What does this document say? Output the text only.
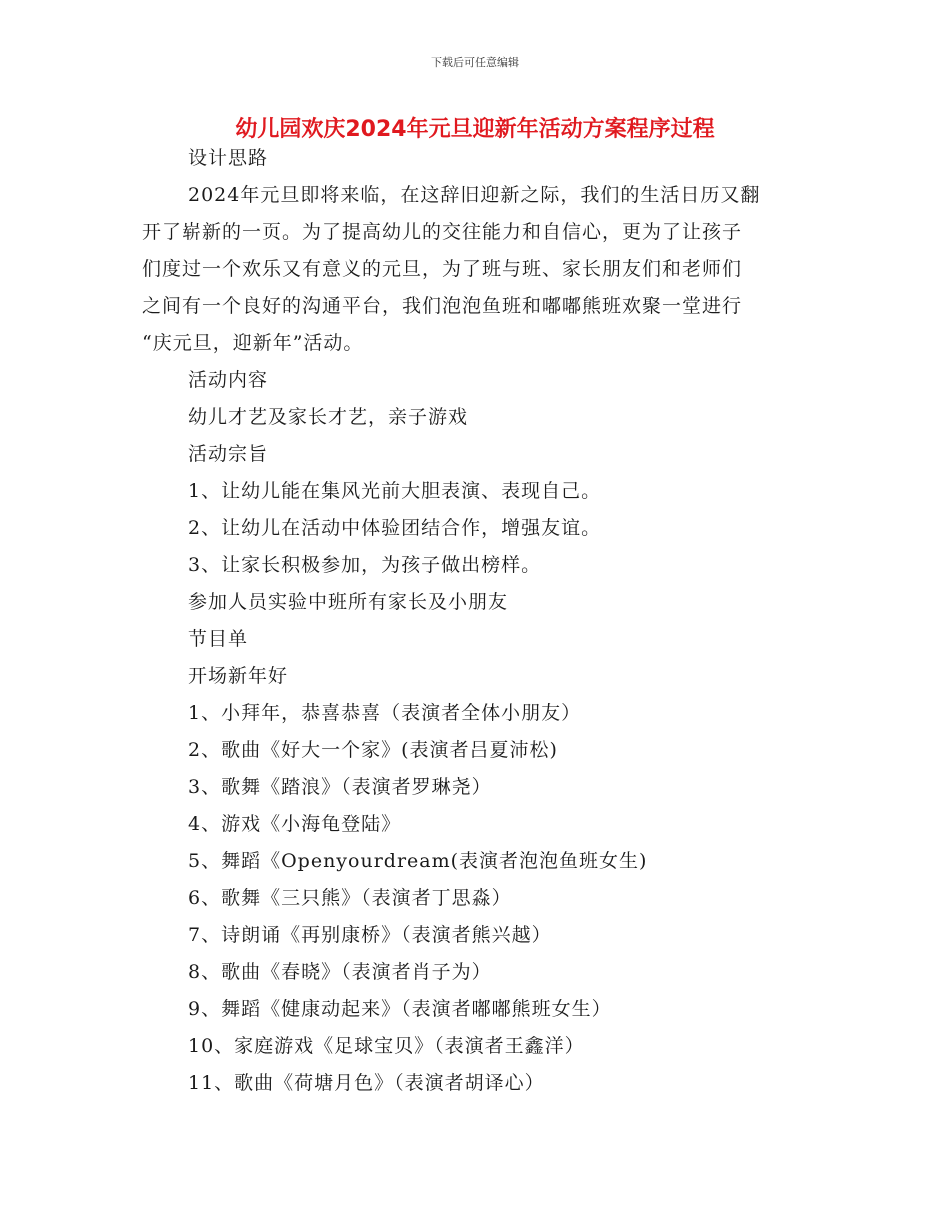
下载后可任意编辑
幼儿园欢庆2024年元旦迎新年活动方案程序过程

设计思路

2024年元旦即将来临，在这辞旧迎新之际，我们的生活日历又翻

开了崭新的一页。为了提高幼儿的交往能力和自信心，更为了让孩子

们度过一个欢乐又有意义的元旦，为了班与班、家长朋友们和老师们

之间有一个良好的沟通平台，我们泡泡鱼班和嘟嘟熊班欢聚一堂进行

“庆元旦，迎新年”活动。

活动内容

幼儿才艺及家长才艺，亲子游戏

活动宗旨

1、让幼儿能在集风光前大胆表演、表现自己。

2、让幼儿在活动中体验团结合作，增强友谊。

3、让家长积极参加，为孩子做出榜样。

参加人员实验中班所有家长及小朋友

节目单

开场新年好

1、小拜年，恭喜恭喜（表演者全体小朋友）

2、歌曲《好大一个家》(表演者吕夏沛松)

3、歌舞《踏浪》（表演者罗琳尧）

4、游戏《小海龟登陆》

5、舞蹈《Openyourdream(表演者泡泡鱼班女生)

6、歌舞《三只熊》（表演者丁思淼）

7、诗朗诵《再别康桥》（表演者熊兴越）

8、歌曲《春晓》（表演者肖子为）

9、舞蹈《健康动起来》（表演者嘟嘟熊班女生）

10、家庭游戏《足球宝贝》（表演者王鑫洋）

11、歌曲《荷塘月色》（表演者胡译心）
